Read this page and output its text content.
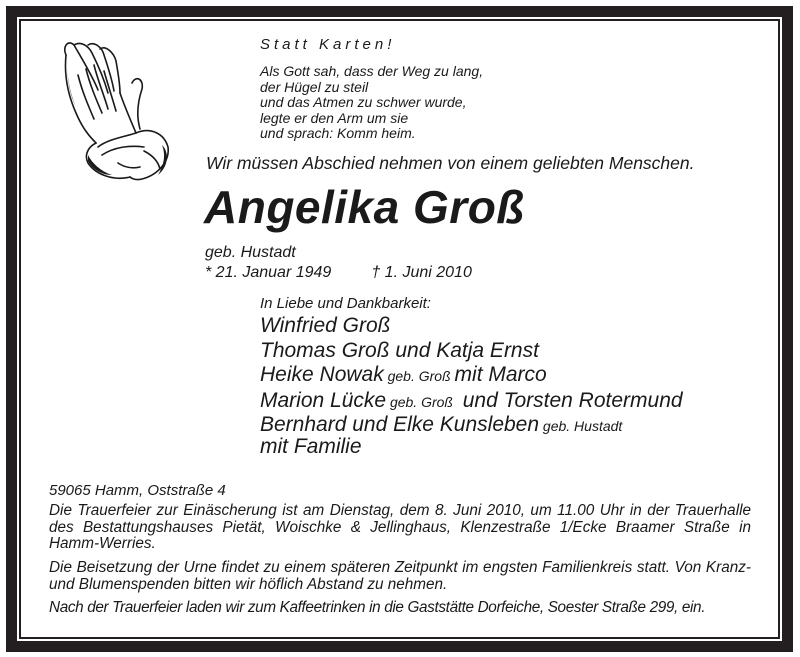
Statt Karten!
Als Gott sah, dass der Weg zu lang,
der Hügel zu steil
und das Atmen zu schwer wurde,
legte er den Arm um sie
und sprach: Komm heim.
Wir müssen Abschied nehmen von einem geliebten Menschen.
Angelika Groß
geb. Hustadt
* 21. Januar 1949	† 1. Juni 2010
In Liebe und Dankbarkeit:
Winfried Groß
Thomas Groß und Katja Ernst
Heike Nowak geb. Groß mit Marco
Marion Lücke geb. Groß  und Torsten Rotermund
Bernhard und Elke Kunsleben geb. Hustadt
mit Familie
59065 Hamm, Oststraße 4
Die Trauerfeier zur Einäscherung ist am Dienstag, dem 8. Juni 2010, um 11.00 Uhr in der Trauerhalle des Bestattungshauses Pietät, Woischke & Jellinghaus, Klenzestraße 1/Ecke Braamer Straße in Hamm-Werries.
Die Beisetzung der Urne findet zu einem späteren Zeitpunkt im engsten Familienkreis statt. Von Kranz- und Blumenspenden bitten wir höflich Abstand zu nehmen.
Nach der Trauerfeier laden wir zum Kaffeetrinken in die Gaststätte Dorfeiche, Soester Straße 299, ein.
